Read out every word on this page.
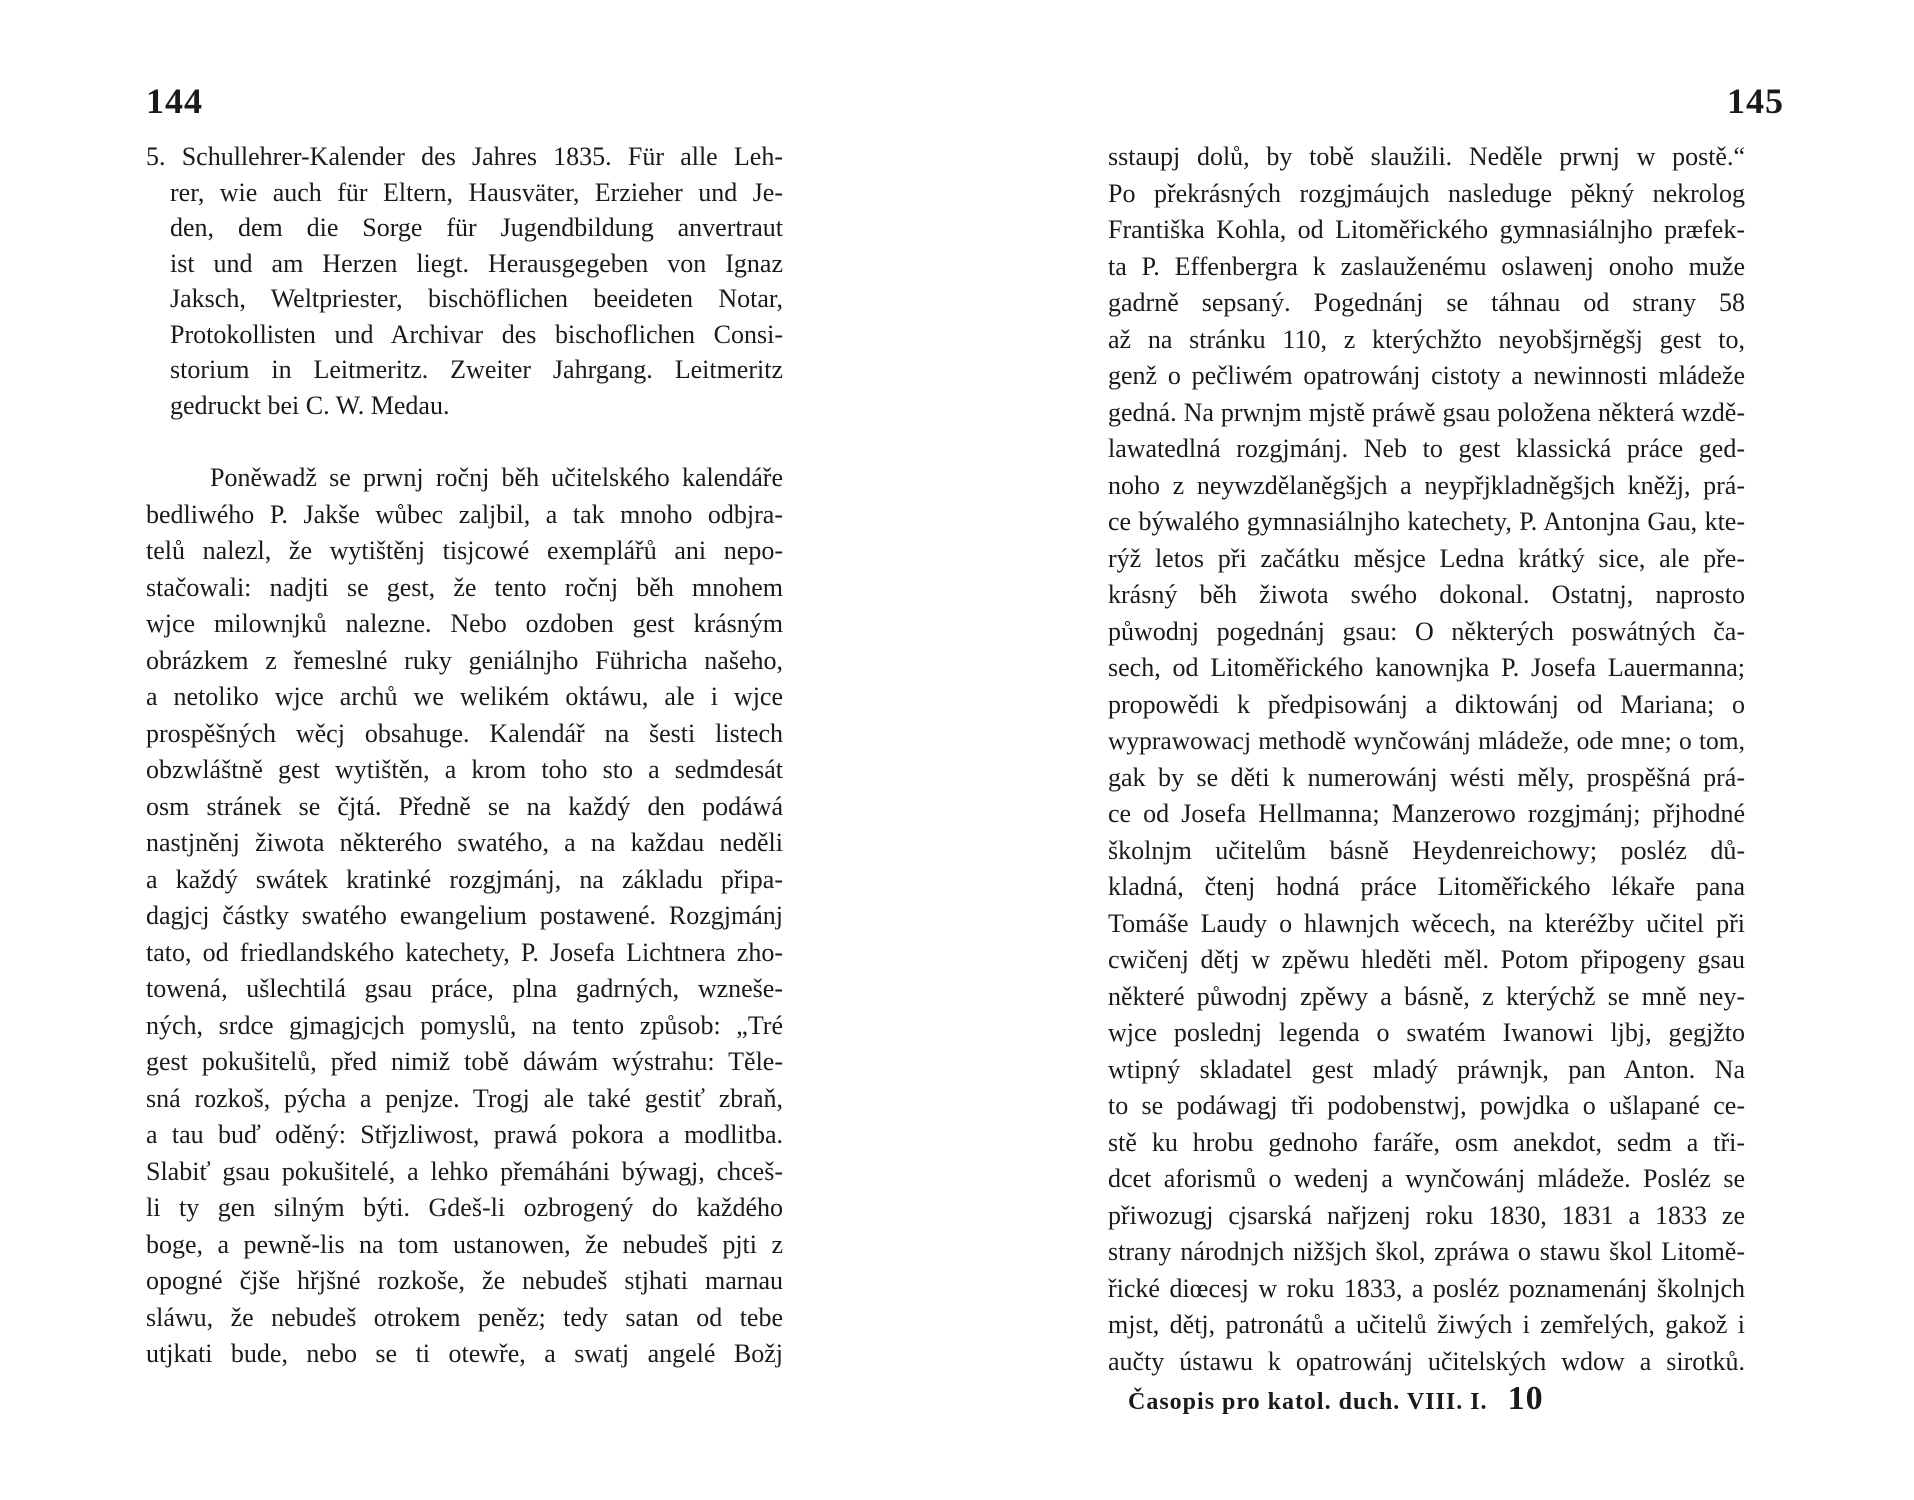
144
5. Schullehrer-Kalender des Jahres 1835. Für alle Leh-
rer, wie auch für Eltern, Hausväter, Erzieher und Je-
den, dem die Sorge für Jugendbildung anvertraut
ist und am Herzen liegt. Herausgegeben von Ignaz
Jaksch, Weltpriester, bischöflichen beeideten Notar,
Protokollisten und Archivar des bischoflichen Consi-
storium in Leitmeritz. Zweiter Jahrgang. Leitmeritz
gedruckt bei C. W. Medau.
Poněwadž se prwnj ročnj běh učitelského kalendáře
bedliwého P. Jakše wůbec zaljbil, a tak mnoho odbjra-
telů nalezl, že wytištěnj tisjcowé exemplářů ani nepo-
stačowali: nadjti se gest, že tento ročnj běh mnohem
wjce milownjků nalezne. Nebo ozdoben gest krásným
obrázkem z řemeslné ruky geniálnjho Führicha našeho,
a netoliko wjce archů we welikém oktáwu, ale i wjce
prospěšných wěcj obsahuge. Kalendář na šesti listech
obzwláštně gest wytištěn, a krom toho sto a sedmdesát
osm stránek se čjtá. Předně se na každý den podáwá
nastjněnj žiwota některého swatého, a na každau neděli
a každý swátek kratinké rozgjmánj, na základu připa-
dagjcj částky swatého ewangelium postawené. Rozgjmánj
tato, od friedlandského katechety, P. Josefa Lichtnera zho-
towená, ušlechtilá gsau práce, plna gadrných, wzneše-
ných, srdce gjmagjcjch pomyslů, na tento způsob: „Tré
gest pokušitelů, před nimiž tobě dáwám wýstrahu: Těle-
sná rozkoš, pýcha a penjze. Trogj ale také gestiť zbraň,
a tau buď oděný: Střjzliwost, prawá pokora a modlitba.
Slabiť gsau pokušitelé, a lehko přemáháni býwagj, chceš-
li ty gen silným býti. Gdeš-li ozbrogený do každého
boge, a pewně-lis na tom ustanowen, že nebudeš pjti z
opogné čjše hřjšné rozkoše, že nebudeš stjhati marnau
sláwu, že nebudeš otrokem peněz; tedy satan od tebe
utjkati bude, nebo se ti otewře, a swatj angelé Božj
145
sstaupj dolů, by tobě slaužili. Neděle prwnj w postě.“
Po překrásných rozgjmáujch nasleduge pěkný nekrolog
Františka Kohla, od Litoměřického gymnasiálnjho præfek-
ta P. Effenbergra k zaslauženému oslawenj onoho muže
gadrně sepsaný. Pogednánj se táhnau od strany 58
až na stránku 110, z kterýchžto neyobšjrněgšj gest to,
genž o pečliwém opatrowánj cistoty a newinnosti mládeže
gedná. Na prwnjm mjstě práwě gsau položena některá wzdě-
lawatedlná rozgjmánj. Neb to gest klassická práce ged-
noho z neywzdělaněgšjch a neypřjkladněgšjch kněžj, prá-
ce býwalého gymnasiálnjho katechety, P. Antonjna Gau, kte-
rýž letos při začátku měsjce Ledna krátký sice, ale pře-
krásný běh žiwota swého dokonal. Ostatnj, naprosto
půwodnj pogednánj gsau: O některých poswátných ča-
sech, od Litoměřického kanownjka P. Josefa Lauermanna;
propowědi k předpisowánj a diktowánj od Mariana; o
wyprawowacj methodě wynčowánj mládeže, ode mne; o tom,
gak by se děti k numerowánj wésti měly, prospěšná prá-
ce od Josefa Hellmanna; Manzerowo rozgjmánj; přjhodné
školnjm učitelům básně Heydenreichowy; posléz dů-
kladná, čtenj hodná práce Litoměřického lékaře pana
Tomáše Laudy o hlawnjch wěcech, na kteréžby učitel při
cwičenj dětj w zpěwu hleděti měl. Potom připogeny gsau
některé půwodnj zpěwy a básně, z kterýchž se mně ney-
wjce poslednj legenda o swatém Iwanowi ljbj, gegjžto
wtipný skladatel gest mladý práwnjk, pan Anton. Na
to se podáwagj tři podobenstwj, powjdka o ušlapané ce-
stě ku hrobu gednoho faráře, osm anekdot, sedm a tři-
dcet aforismů o wedenj a wynčowánj mládeže. Posléz se
přiwozugj cjsarská nařjzenj roku 1830, 1831 a 1833 ze
strany národnjch nižšjch škol, zpráwa o stawu škol Litomě-
řické diœcesj w roku 1833, a posléz poznamenánj školnjch
mjst, dětj, patronátů a učitelů žiwých i zemřelých, gakož i
aučty ústawu k opatrowánj učitelských wdow a sirotků.
Časopis pro katol. duch. VIII. I. 10
